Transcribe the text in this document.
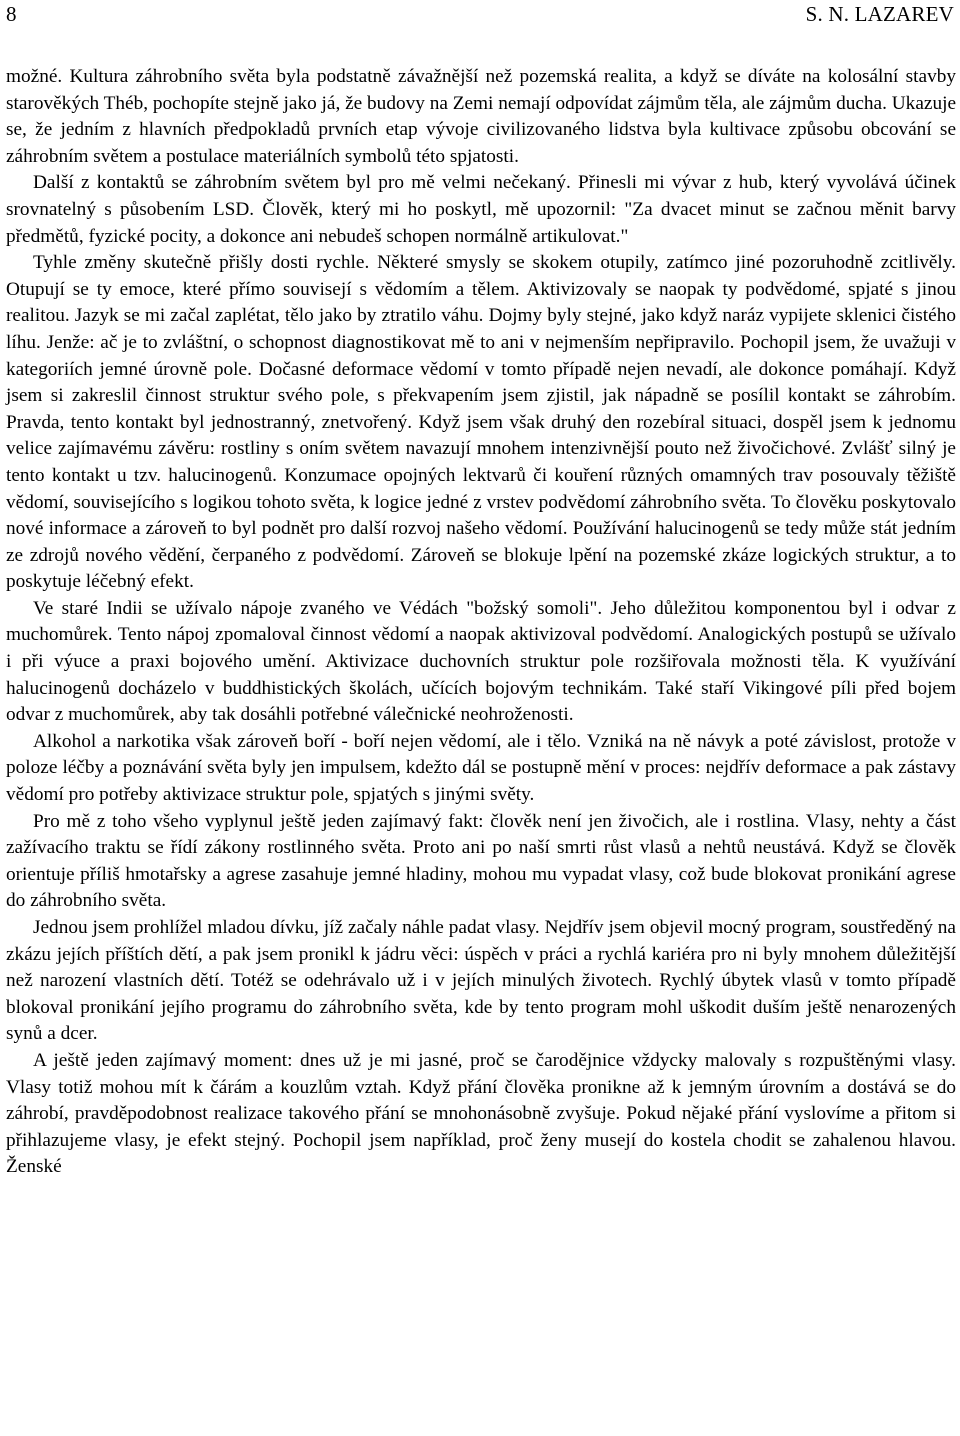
8	S. N. LAZAREV

možné. Kultura záhrobního světa byla podstatně závažnější než pozemská realita, a když se díváte na kolosální stavby starověkých Théb, pochopíte stejně jako já, že budovy na Zemi nemají odpovídat zájmům těla, ale zájmům ducha. Ukazuje se, že jedním z hlavních předpokladů prvních etap vývoje civilizovaného lidstva byla kultivace způsobu obcování se záhrobním světem a postulace materiálních symbolů této spjatosti.

Další z kontaktů se záhrobním světem byl pro mě velmi nečekaný. Přinesli mi vývar z hub, který vyvolává účinek srovnatelný s působením LSD. Člověk, který mi ho poskytl, mě upozornil: "Za dvacet minut se začnou měnit barvy předmětů, fyzické pocity, a dokonce ani nebudeš schopen normálně artikulovat."

Tyhle změny skutečně přišly dosti rychle. Některé smysly se skokem otupily, zatímco jiné pozoruhodně zcitlivěly. Otupují se ty emoce, které přímo souvisejí s vědomím a tělem. Aktivizovaly se naopak ty podvědomé, spjaté s jinou realitou. Jazyk se mi začal zaplétat, tělo jako by ztratilo váhu. Dojmy byly stejné, jako když naráz vypijete sklenici čistého líhu. Jenže: ač je to zvláštní, o schopnost diagnostikovat mě to ani v nejmenším nepřipravilo. Pochopil jsem, že uvažuji v kategoriích jemné úrovně pole. Dočasné deformace vědomí v tomto případě nejen nevadí, ale dokonce pomáhají. Když jsem si zakreslil činnost struktur svého pole, s překvapením jsem zjistil, jak nápadně se posílil kontakt se záhrobím. Pravda, tento kontakt byl jednostranný, znetvořený. Když jsem však druhý den rozebíral situaci, dospěl jsem k jednomu velice zajímavému závěru: rostliny s oním světem navazují mnohem intenzivnější pouto než živočichové. Zvlášť silný je tento kontakt u tzv. halucinogenů. Konzumace opojných lektvarů či kouření různých omamných trav posouvaly těžiště vědomí, souvisejícího s logikou tohoto světa, k logice jedné z vrstev podvědomí záhrobního světa. To člověku poskytovalo nové informace a zároveň to byl podnět pro další rozvoj našeho vědomí. Používání halucinogenů se tedy může stát jedním ze zdrojů nového vědění, čerpaného z podvědomí. Zároveň se blokuje lpění na pozemské zkáze logických struktur, a to poskytuje léčebný efekt.

Ve staré Indii se užívalo nápoje zvaného ve Védách "božský somoli". Jeho důležitou komponentou byl i odvar z muchomůrek. Tento nápoj zpomaloval činnost vědomí a naopak aktivizoval podvědomí. Analogických postupů se užívalo i při výuce a praxi bojového umění. Aktivizace duchovních struktur pole rozšiřovala možnosti těla. K využívání halucinogenů docházelo v buddhistických školách, učících bojovým technikám. Také staří Vikingové píli před bojem odvar z muchomůrek, aby tak dosáhli potřebné válečnické neohroženosti.

Alkohol a narkotika však zároveň boří - boří nejen vědomí, ale i tělo. Vzniká na ně návyk a poté závislost, protože v poloze léčby a poznávání světa byly jen impulsem, kdežto dál se postupně mění v proces: nejdřív deformace a pak zástavy vědomí pro potřeby aktivizace struktur pole, spjatých s jinými světy.

Pro mě z toho všeho vyplynul ještě jeden zajímavý fakt: člověk není jen živočich, ale i rostlina. Vlasy, nehty a část zažívacího traktu se řídí zákony rostlinného světa. Proto ani po naší smrti růst vlasů a nehtů neustává. Když se člověk orientuje příliš hmotařsky a agrese zasahuje jemné hladiny, mohou mu vypadat vlasy, což bude blokovat pronikání agrese do záhrobního světa.

Jednou jsem prohlížel mladou dívku, jíž začaly náhle padat vlasy. Nejdřív jsem objevil mocný program, soustředěný na zkázu jejích příštích dětí, a pak jsem pronikl k jádru věci: úspěch v práci a rychlá kariéra pro ni byly mnohem důležitější než narození vlastních dětí. Totéž se odehrávalo už i v jejích minulých životech. Rychlý úbytek vlasů v tomto případě blokoval pronikání jejího programu do záhrobního světa, kde by tento program mohl uškodit duším ještě nenarozených synů a dcer.

A ještě jeden zajímavý moment: dnes už je mi jasné, proč se čarodějnice vždycky malovaly s rozpuštěnými vlasy. Vlasy totiž mohou mít k čárám a kouzlům vztah. Když přání člověka pronikne až k jemným úrovním a dostává se do záhrobí, pravděpodobnost realizace takového přání se mnohonásobně zvyšuje. Pokud nějaké přání vyslovíme a přitom si přihlazujeme vlasy, je efekt stejný. Pochopil jsem například, proč ženy musejí do kostela chodit se zahalenou hlavou. Ženské
